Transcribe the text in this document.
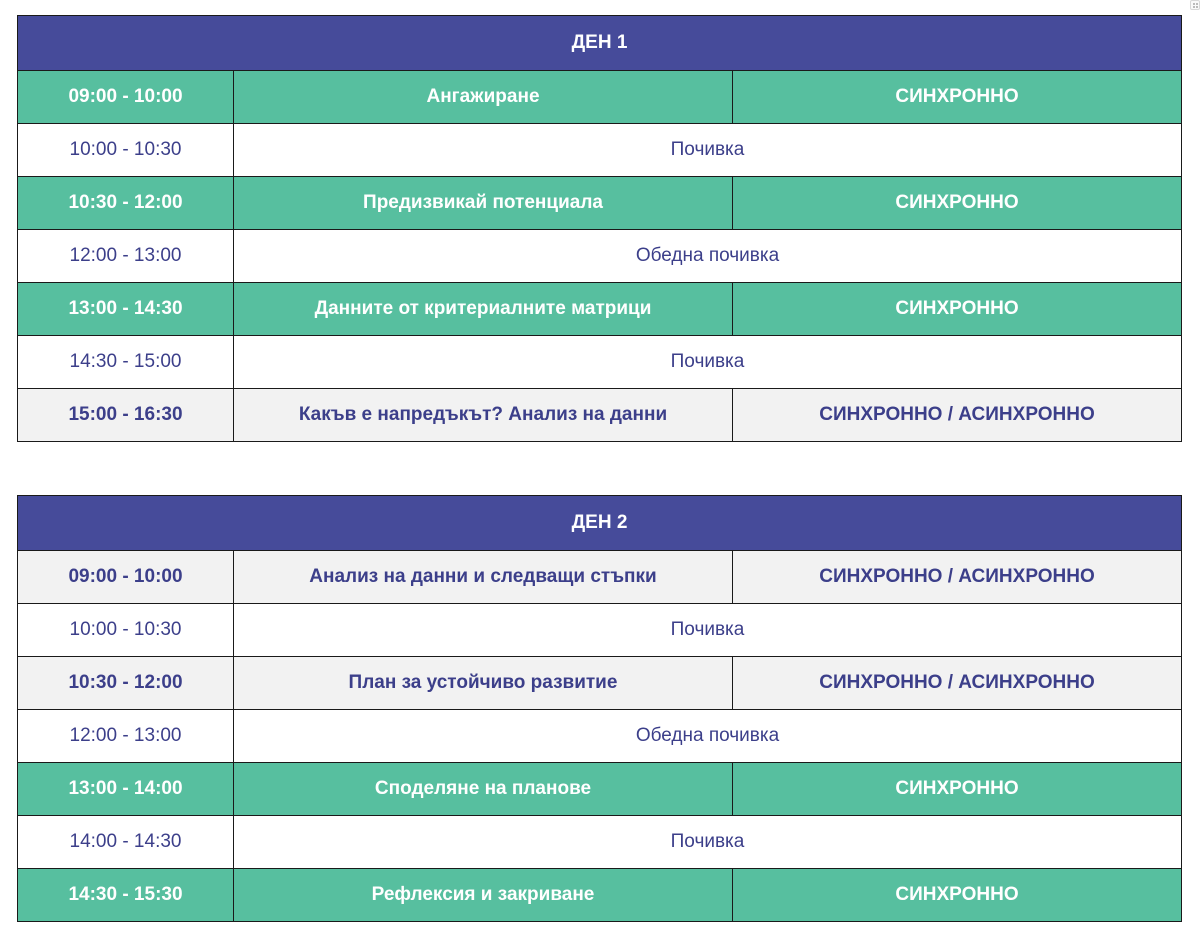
ДЕН 1		
09:00 - 10:00	Ангажиране	СИНХРОННО
10:00 - 10:30	Почивка	
10:30 - 12:00	Предизвикай потенциала	СИНХРОННО
12:00 - 13:00	Обедна почивка	
13:00 - 14:30	Данните от критериалните матрици	СИНХРОННО
14:30 - 15:00	Почивка	
15:00 - 16:30	Какъв е напредъкът? Анализ на данни	СИНХРОННО / АСИНХРОННО
ДЕН 2		
09:00 - 10:00	Анализ на данни и следващи стъпки	СИНХРОННО / АСИНХРОННО
10:00 - 10:30	Почивка	
10:30 - 12:00	План за устойчиво развитие	СИНХРОННО / АСИНХРОННО
12:00 - 13:00	Обедна почивка	
13:00 - 14:00	Споделяне на планове	СИНХРОННО
14:00 - 14:30	Почивка	
14:30 - 15:30	Рефлексия и закриване	СИНХРОННО
